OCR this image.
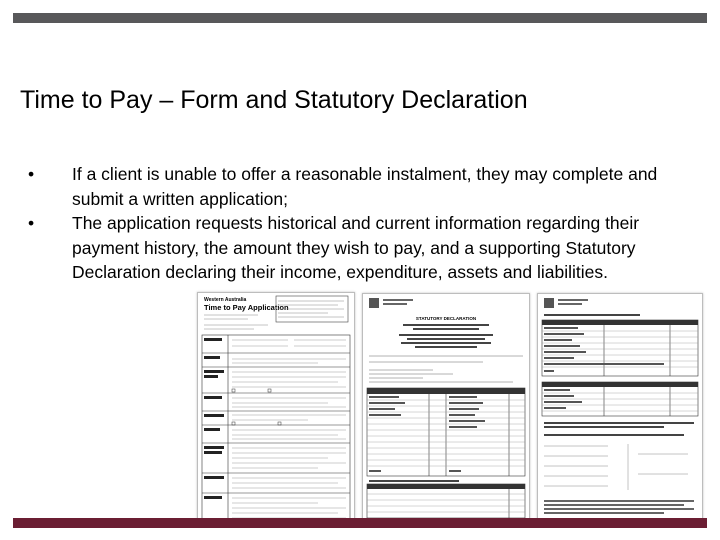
Time to Pay – Form and Statutory Declaration
• If a client is unable to offer a reasonable instalment, they may complete and submit a written application;
• The application requests historical and current information regarding their payment history, the amount they wish to pay, and a supporting Statutory Declaration declaring their income, expenditure, assets and liabilities.
Western Australia
Time to Pay Application
STATUTORY DECLARATION
